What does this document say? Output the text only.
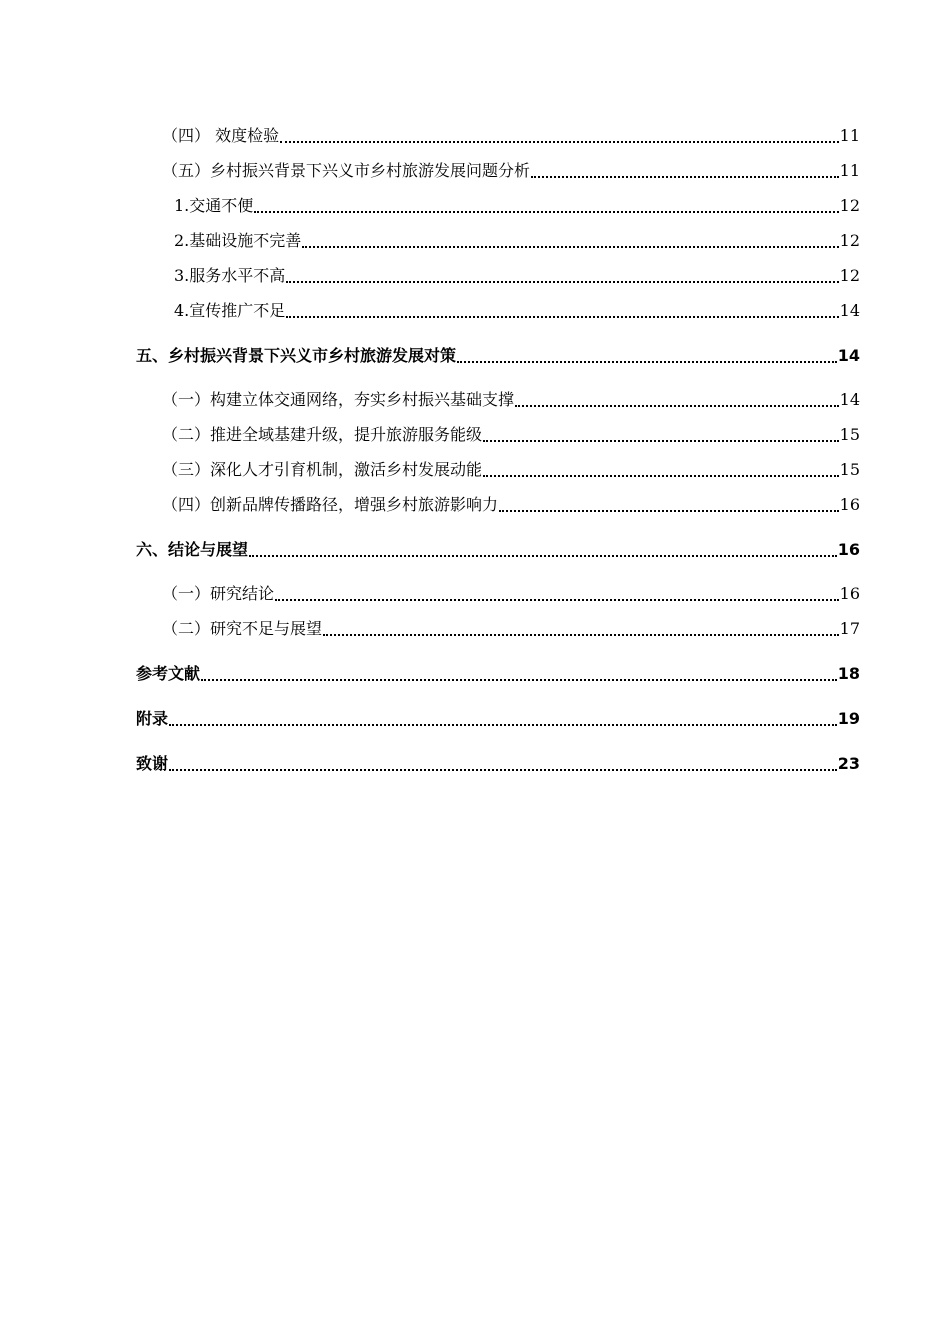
（四） 效度检验	11
（五）乡村振兴背景下兴义市乡村旅游发展问题分析	11
1.交通不便	12
2.基础设施不完善	12
3.服务水平不高	12
4.宣传推广不足	14
五、乡村振兴背景下兴义市乡村旅游发展对策	14
（一）构建立体交通网络，夯实乡村振兴基础支撑	14
（二）推进全域基建升级，提升旅游服务能级	15
（三）深化人才引育机制，激活乡村发展动能	15
（四）创新品牌传播路径，增强乡村旅游影响力	16
六、结论与展望	16
（一）研究结论	16
（二）研究不足与展望	17
参考文献	18
附录	19
致谢	23
